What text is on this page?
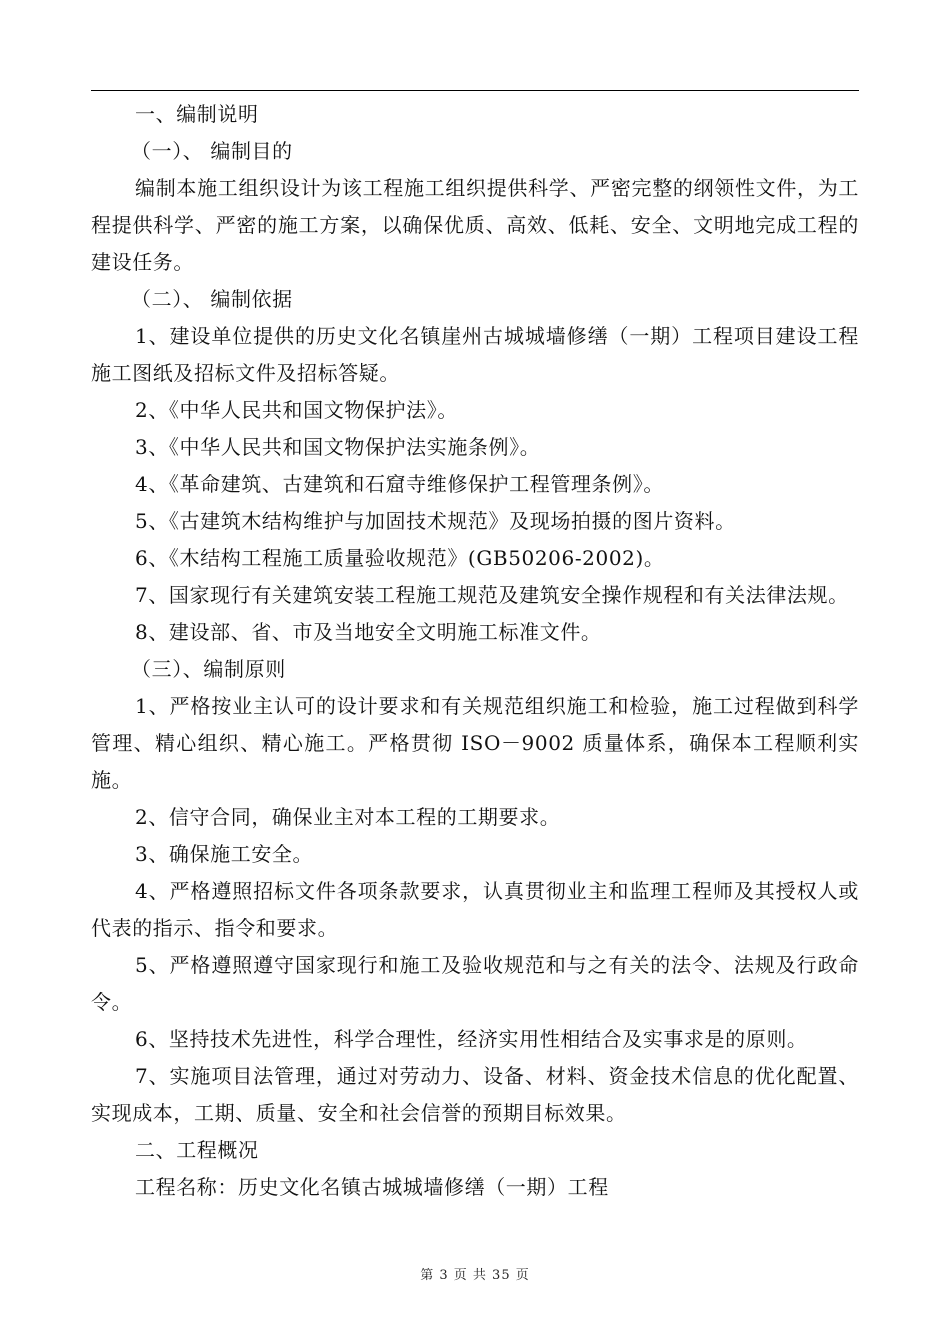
一、编制说明

（一）、 编制目的

编制本施工组织设计为该工程施工组织提供科学、严密完整的纲领性文件，为工程提供科学、严密的施工方案，以确保优质、高效、低耗、安全、文明地完成工程的建设任务。

（二）、 编制依据

1、建设单位提供的历史文化名镇崖州古城城墙修缮（一期）工程项目建设工程施工图纸及招标文件及招标答疑。

2、《中华人民共和国文物保护法》。

3、《中华人民共和国文物保护法实施条例》。

4、《革命建筑、古建筑和石窟寺维修保护工程管理条例》。

5、《古建筑木结构维护与加固技术规范》及现场拍摄的图片资料。

6、《木结构工程施工质量验收规范》(GB50206-2002)。

7、国家现行有关建筑安装工程施工规范及建筑安全操作规程和有关法律法规。

8、建设部、省、市及当地安全文明施工标准文件。

（三）、编制原则

1、严格按业主认可的设计要求和有关规范组织施工和检验，施工过程做到科学管理、精心组织、精心施工。严格贯彻 ISO－9002 质量体系，确保本工程顺利实施。

2、信守合同，确保业主对本工程的工期要求。

3、确保施工安全。

4、严格遵照招标文件各项条款要求，认真贯彻业主和监理工程师及其授权人或代表的指示、指令和要求。

5、严格遵照遵守国家现行和施工及验收规范和与之有关的法令、法规及行政命令。

6、坚持技术先进性，科学合理性，经济实用性相结合及实事求是的原则。

7、实施项目法管理，通过对劳动力、设备、材料、资金技术信息的优化配置、实现成本，工期、质量、安全和社会信誉的预期目标效果。

二、工程概况

工程名称：历史文化名镇古城城墙修缮（一期）工程

第 3 页 共 35 页
